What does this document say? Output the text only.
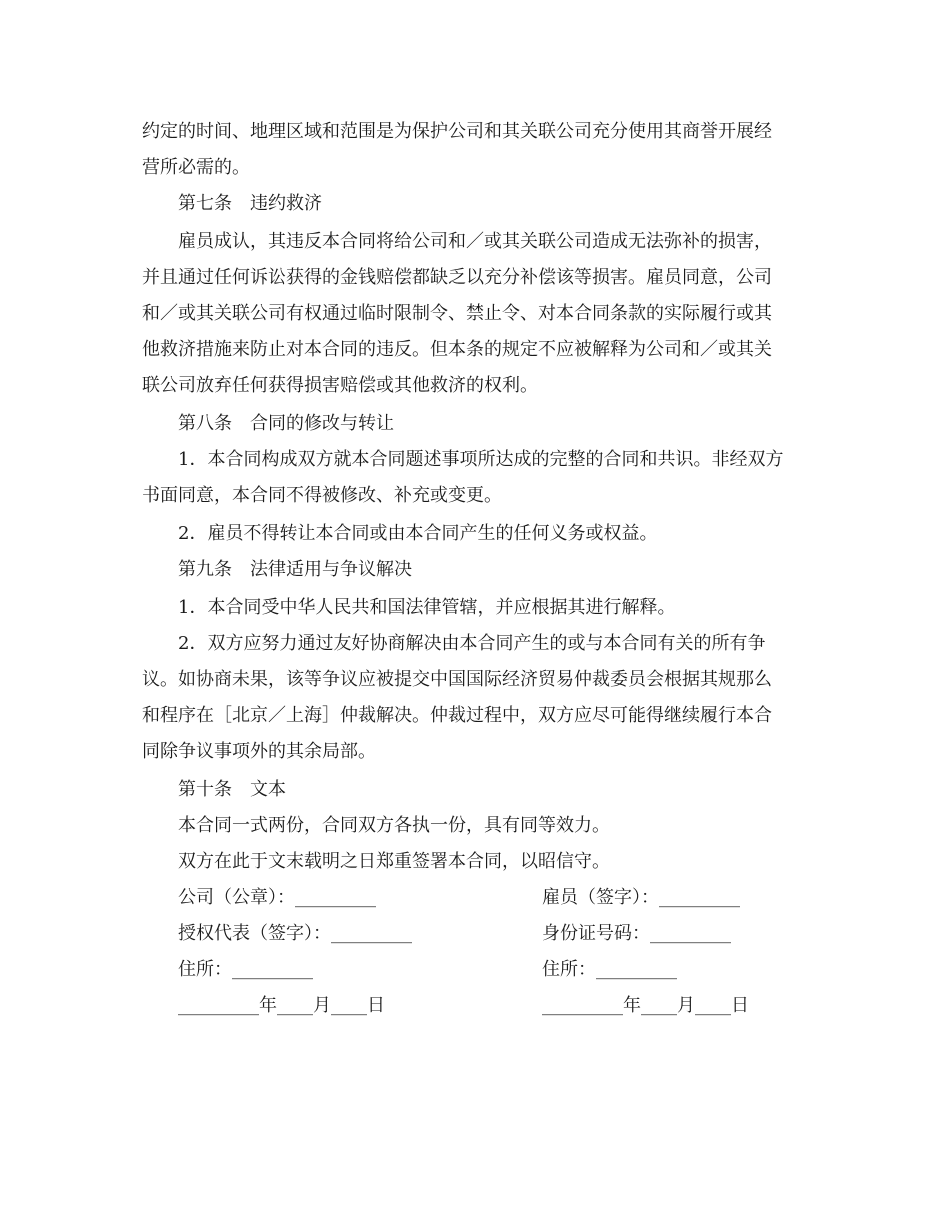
约定的时间、地理区域和范围是为保护公司和其关联公司充分使用其商誉开展经
营所必需的。
第七条　违约救济
雇员成认，其违反本合同将给公司和／或其关联公司造成无法弥补的损害，
并且通过任何诉讼获得的金钱赔偿都缺乏以充分补偿该等损害。雇员同意，公司
和／或其关联公司有权通过临时限制令、禁止令、对本合同条款的实际履行或其
他救济措施来防止对本合同的违反。但本条的规定不应被解释为公司和／或其关
联公司放弃任何获得损害赔偿或其他救济的权利。
第八条　合同的修改与转让
1．本合同构成双方就本合同题述事项所达成的完整的合同和共识。非经双方
书面同意，本合同不得被修改、补充或变更。
2．雇员不得转让本合同或由本合同产生的任何义务或权益。
第九条　法律适用与争议解决
1．本合同受中华人民共和国法律管辖，并应根据其进行解释。
2．双方应努力通过友好协商解决由本合同产生的或与本合同有关的所有争
议。如协商未果，该等争议应被提交中国国际经济贸易仲裁委员会根据其规那么
和程序在［北京／上海］仲裁解决。仲裁过程中，双方应尽可能得继续履行本合
同除争议事项外的其余局部。
第十条　文本
本合同一式两份，合同双方各执一份，具有同等效力。
双方在此于文末载明之日郑重签署本合同，以昭信守。
公司（公章）：_________	雇员（签字）：_________
授权代表（签字）：_________	身份证号码：_________
住所：_________	住所：_________
_________年____月____日	_________年____月____日
